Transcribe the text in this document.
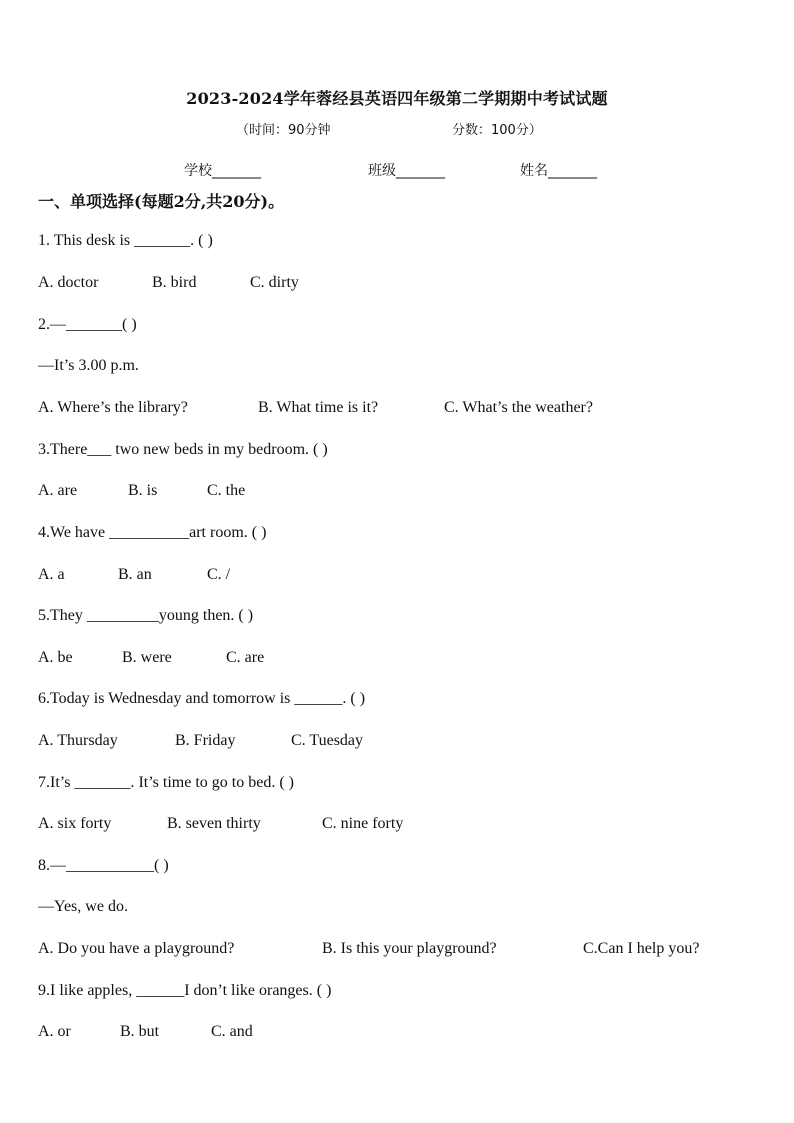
2023-2024学年蓉经县英语四年级第二学期期中考试试题
（时间：90分钟	分数：100分）
学校_______	班级_______	姓名_______
一、单项选择(每题2分,共20分)。
1. This desk is _______. ( )
A. doctor	B. bird	C. dirty
2.—_______( )
—It’s 3.00 p.m.
A. Where’s the library?	B. What time is it?	C. What’s the weather?
3.There___ two new beds in my bedroom. ( )
A. are	B. is	C. the
4.We have __________art room. ( )
A. a	B. an	C. /
5.They _________young then. ( )
A. be	B. were	C. are
6.Today is Wednesday and tomorrow is ______. ( )
A. Thursday	B. Friday	C. Tuesday
7.It’s _______. It’s time to go to bed. ( )
A. six forty	B. seven thirty	C. nine forty
8.—___________( )
—Yes, we do.
A. Do you have a playground?	B. Is this your playground?	C.Can I help you?
9.I like apples, ______I don’t like oranges. ( )
A. or	B. but	C. and
